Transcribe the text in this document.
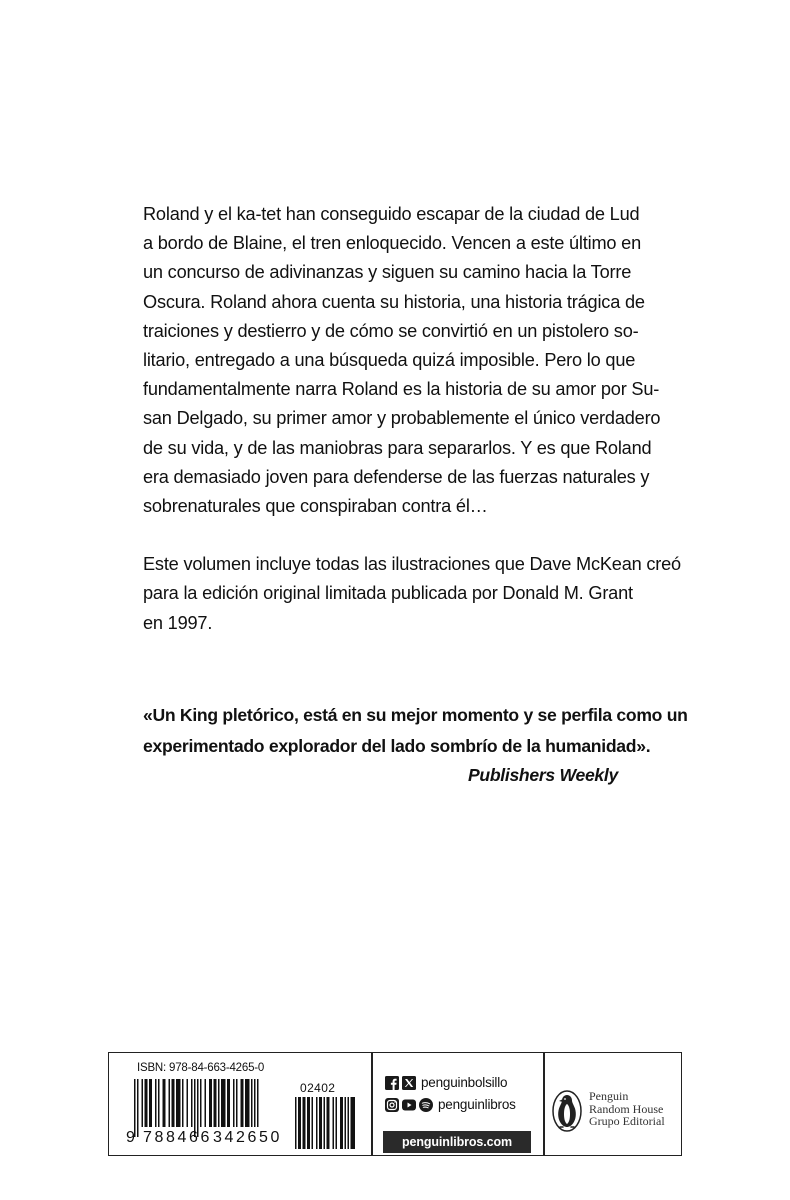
Roland y el ka-tet han conseguido escapar de la ciudad de Lud
a bordo de Blaine, el tren enloquecido. Vencen a este último en
un concurso de adivinanzas y siguen su camino hacia la Torre
Oscura. Roland ahora cuenta su historia, una historia trágica de
traiciones y destierro y de cómo se convirtió en un pistolero so-
litario, entregado a una búsqueda quizá imposible. Pero lo que
fundamentalmente narra Roland es la historia de su amor por Su-
san Delgado, su primer amor y probablemente el único verdadero
de su vida, y de las maniobras para separarlos. Y es que Roland
era demasiado joven para defenderse de las fuerzas naturales y
sobrenaturales que conspiraban contra él…
Este volumen incluye todas las ilustraciones que Dave McKean creó
para la edición original limitada publicada por Donald M. Grant
en 1997.
«Un King pletórico, está en su mejor momento y se perfila como un
experimentado explorador del lado sombrío de la humanidad».
Publishers Weekly
ISBN: 978-84-663-4265-0
9 788466 342650
02402	penguinbolsillo
penguinlibros
penguinlibros.com
Penguin
Random House
Grupo Editorial
